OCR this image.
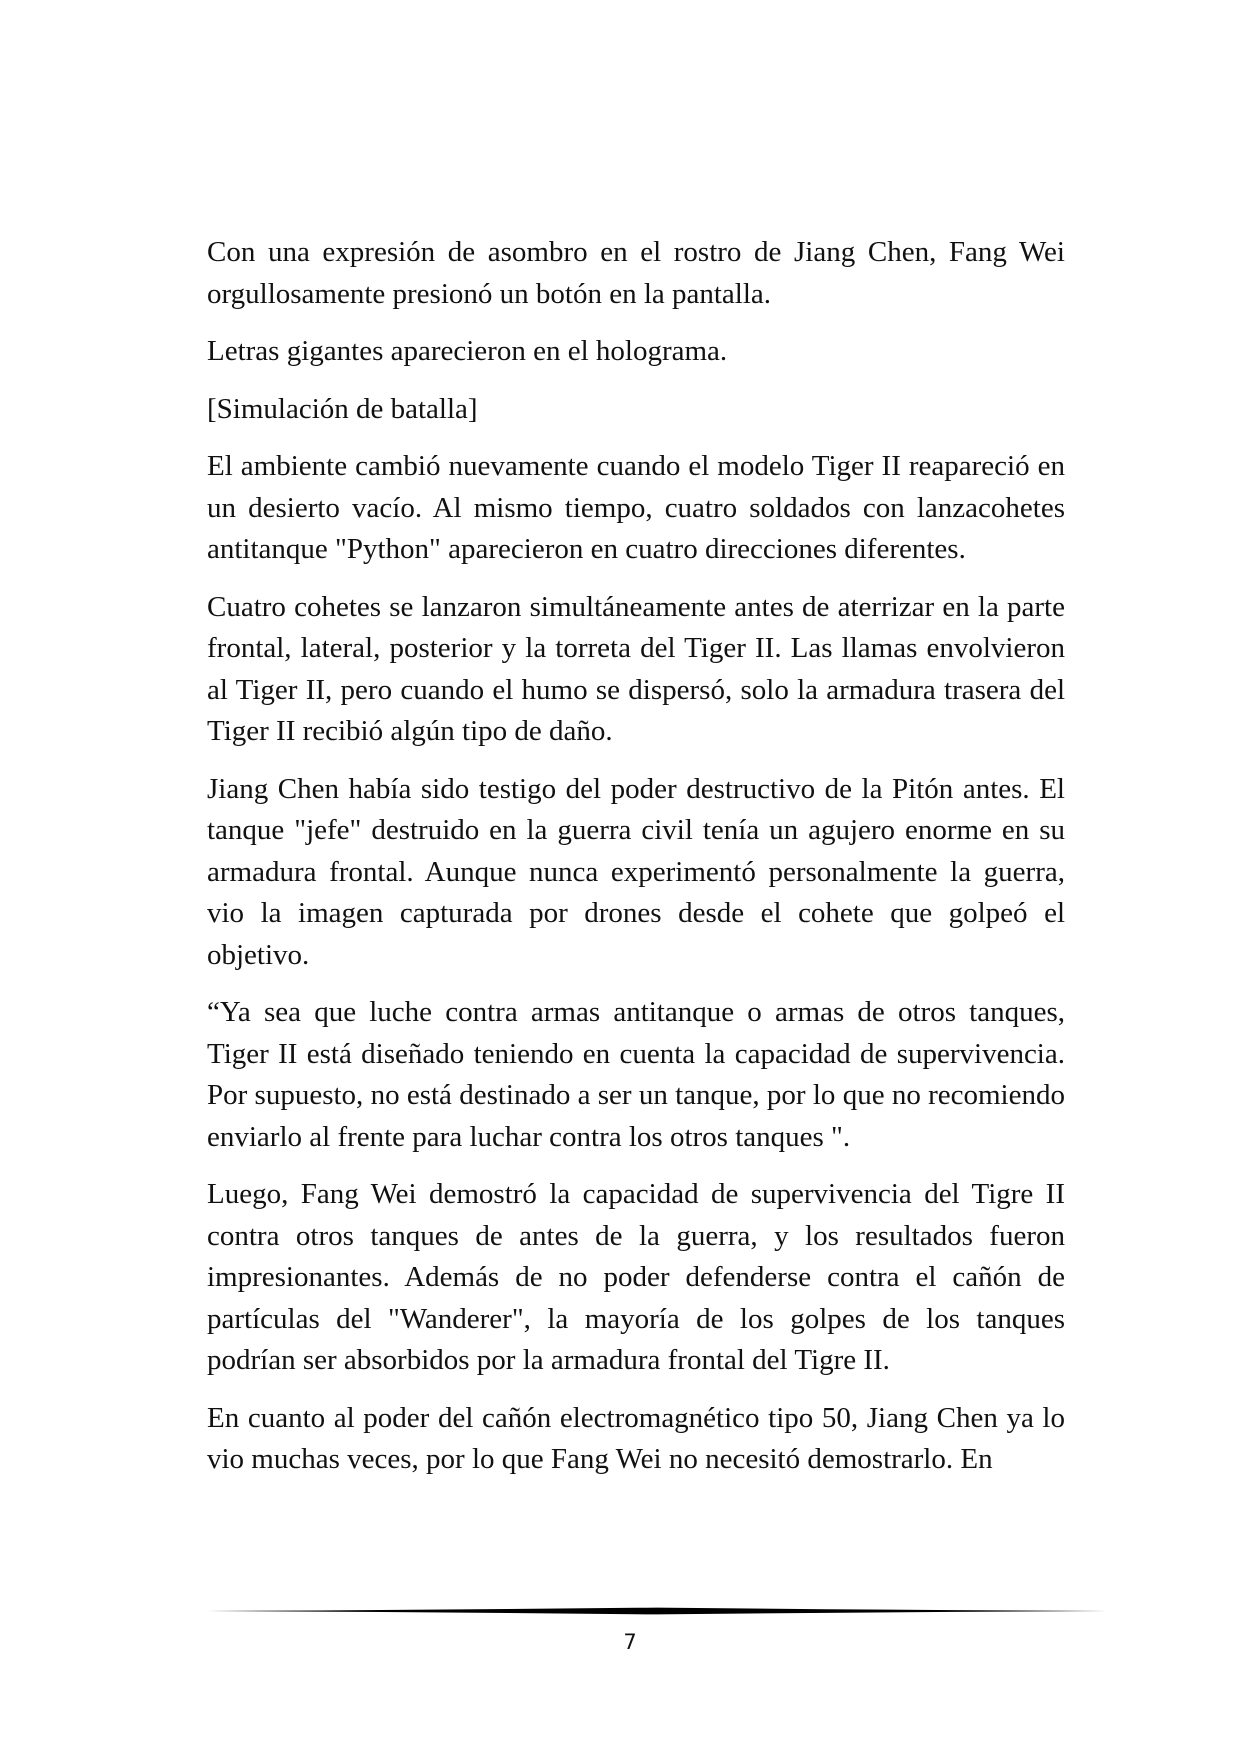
Con una expresión de asombro en el rostro de Jiang Chen, Fang Wei orgullosamente presionó un botón en la pantalla.

Letras gigantes aparecieron en el holograma.

[Simulación de batalla]

El ambiente cambió nuevamente cuando el modelo Tiger II reapareció en un desierto vacío. Al mismo tiempo, cuatro soldados con lanzacohetes antitanque "Python" aparecieron en cuatro direcciones diferentes.

Cuatro cohetes se lanzaron simultáneamente antes de aterrizar en la parte frontal, lateral, posterior y la torreta del Tiger II. Las llamas envolvieron al Tiger II, pero cuando el humo se dispersó, solo la armadura trasera del Tiger II recibió algún tipo de daño.

Jiang Chen había sido testigo del poder destructivo de la Pitón antes. El tanque "jefe" destruido en la guerra civil tenía un agujero enorme en su armadura frontal. Aunque nunca experimentó personalmente la guerra, vio la imagen capturada por drones desde el cohete que golpeó el objetivo.

“Ya sea que luche contra armas antitanque o armas de otros tanques, Tiger II está diseñado teniendo en cuenta la capacidad de supervivencia. Por supuesto, no está destinado a ser un tanque, por lo que no recomiendo enviarlo al frente para luchar contra los otros tanques ".

Luego, Fang Wei demostró la capacidad de supervivencia del Tigre II contra otros tanques de antes de la guerra, y los resultados fueron impresionantes. Además de no poder defenderse contra el cañón de partículas del "Wanderer", la mayoría de los golpes de los tanques podrían ser absorbidos por la armadura frontal del Tigre II.

En cuanto al poder del cañón electromagnético tipo 50, Jiang Chen ya lo vio muchas veces, por lo que Fang Wei no necesitó demostrarlo. En

7
